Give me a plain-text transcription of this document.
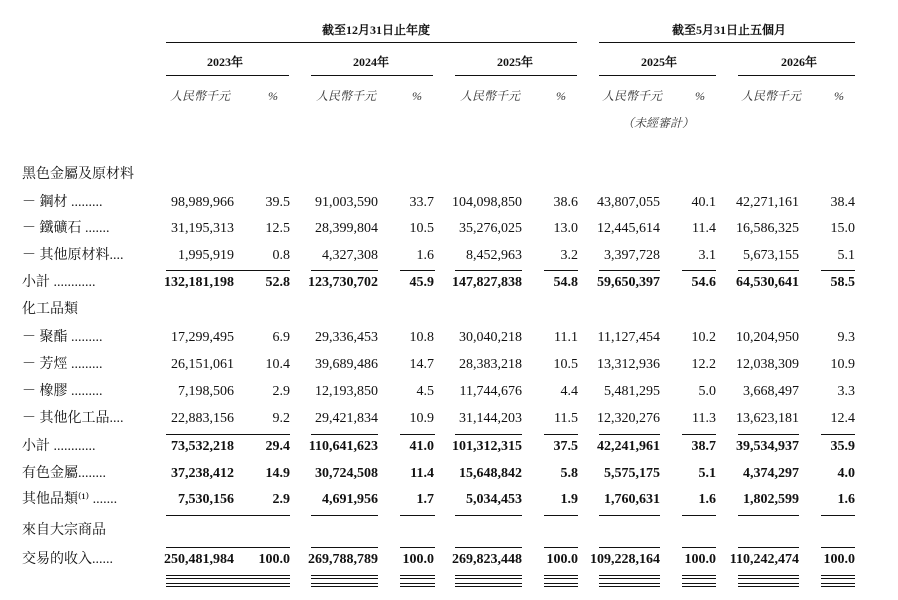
截至12月31日止年度	截至5月31日止五個月
2023年	2024年	2025年	2025年	2026年
人民幣千元	%	人民幣千元	%	人民幣千元	%	人民幣千元	%	人民幣千元	%
（未經審計）
黑色金屬及原材料
－ 鋼材 .........	98,989,966 39.5 91,003,590 33.7 104,098,850 38.6 43,807,055 40.1 42,271,161 38.4
－ 鐵礦石 .......	31,195,313 12.5 28,399,804 10.5 35,276,025 13.0 12,445,614 11.4 16,586,325 15.0
－ 其他原材料....	1,995,919	0.8 4,327,308	1.6 8,452,963	3.2 3,397,728	3.1 5,673,155	5.1
小計 ............	132,181,198 52.8 123,730,702 45.9 147,827,838 54.8 59,650,397 54.6 64,530,641 58.5
化工品類
－ 聚酯 .........	17,299,495	6.9 29,336,453 10.8 30,040,218 11.1 11,127,454 10.2 10,204,950	9.3
－ 芳烴 .........	26,151,061 10.4 39,689,486 14.7 28,383,218 10.5 13,312,936 12.2 12,038,309 10.9
－ 橡膠 .........	7,198,506	2.9 12,193,850	4.5 11,744,676	4.4 5,481,295	5.0 3,668,497	3.3
－ 其他化工品....	22,883,156	9.2 29,421,834 10.9 31,144,203 11.5 12,320,276 11.3 13,623,181 12.4
小計 ............	73,532,218 29.4 110,641,623 41.0 101,312,315 37.5 42,241,961 38.7 39,534,937 35.9
有色金屬........	37,238,412 14.9 30,724,508 11.4 15,648,842	5.8 5,575,175	5.1 4,374,297	4.0
其他品類⁽¹⁾ .......	7,530,156	2.9 4,691,956	1.7 5,034,453	1.9 1,760,631	1.6 1,802,599	1.6
來自大宗商品
交易的收入......	250,481,984 100.0 269,788,789 100.0 269,823,448 100.0 109,228,164 100.0 110,242,474 100.0
